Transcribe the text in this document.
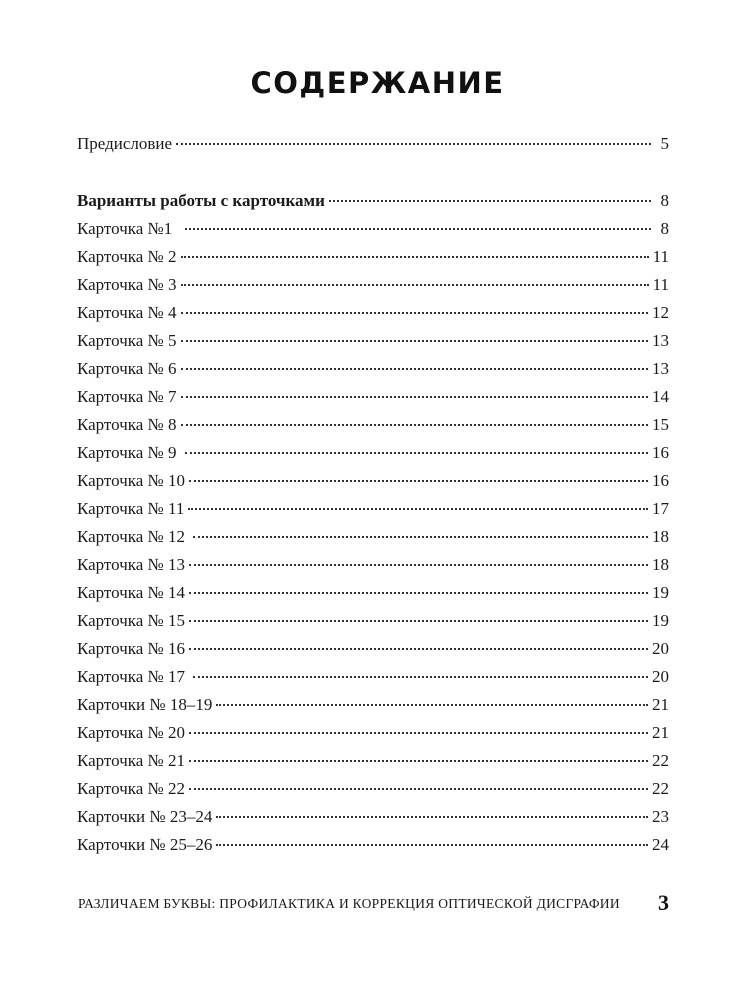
СОДЕРЖАНИЕ
Предисловие	5
Варианты работы с карточками	8
Карточка №1	8
Карточка № 2	11
Карточка № 3	11
Карточка № 4	12
Карточка № 5	13
Карточка № 6	13
Карточка № 7	14
Карточка № 8	15
Карточка № 9	16
Карточка № 10	16
Карточка № 11	17
Карточка № 12	18
Карточка № 13	18
Карточка № 14	19
Карточка № 15	19
Карточка № 16	20
Карточка № 17	20
Карточки № 18–19	21
Карточка № 20	21
Карточка № 21	22
Карточка № 22	22
Карточки № 23–24	23
Карточки № 25–26	24
РАЗЛИЧАЕМ БУКВЫ: ПРОФИЛАКТИКА И КОРРЕКЦИЯ ОПТИЧЕСКОЙ ДИСГРАФИИ 3
